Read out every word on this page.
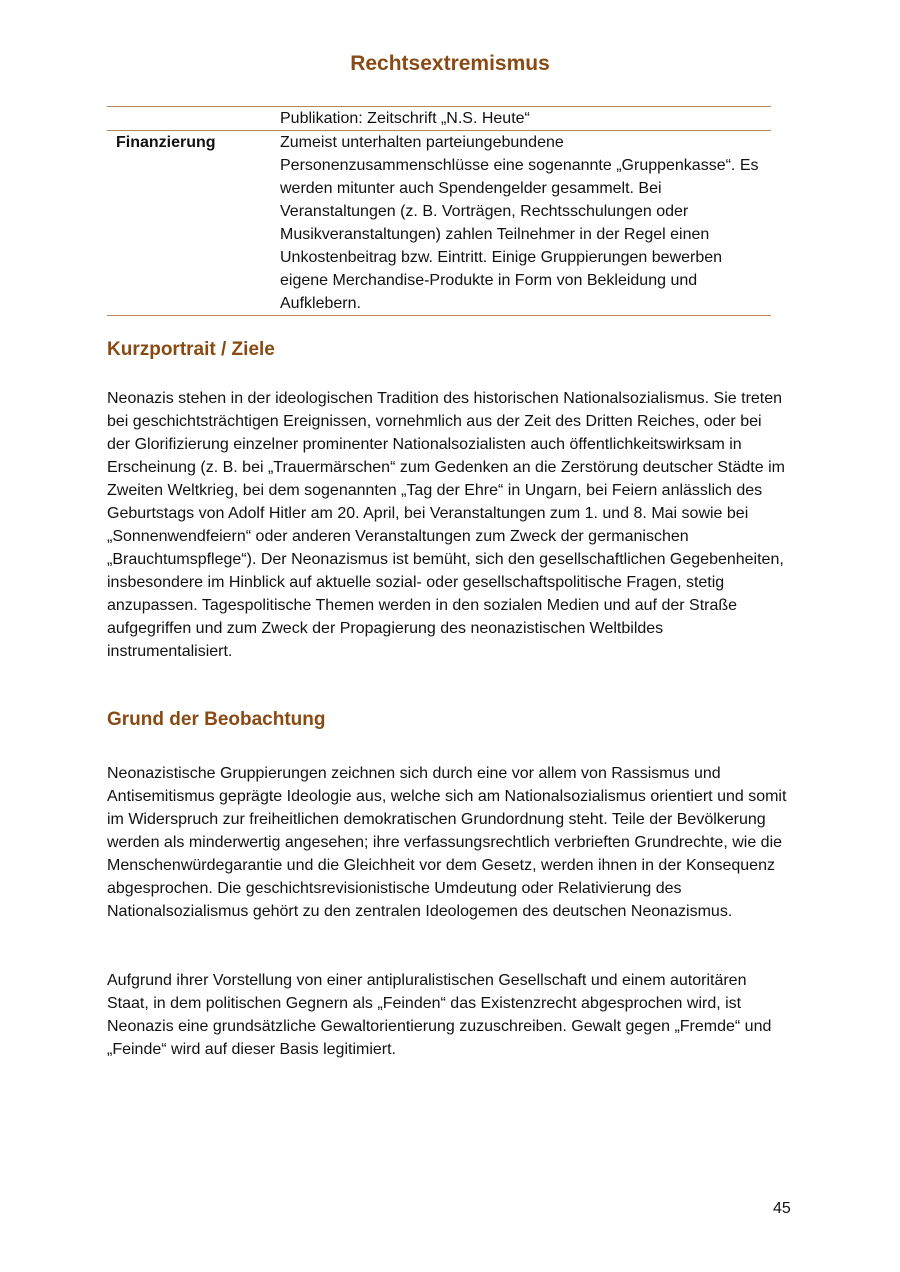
Rechtsextremismus
	Publikation: Zeitschrift „N.S. Heute“
Finanzierung	Zumeist unterhalten parteiungebundene Personenzusammenschlüsse eine sogenannte „Gruppenkasse“. Es werden mitunter auch Spendengelder gesammelt. Bei Veranstaltungen (z. B. Vorträgen, Rechtsschulungen oder Musikveranstaltungen) zahlen Teilnehmer in der Regel einen Unkostenbeitrag bzw. Eintritt. Einige Gruppierungen bewerben eigene Merchandise-Produkte in Form von Bekleidung und Aufklebern.
Kurzportrait / Ziele

Neonazis stehen in der ideologischen Tradition des historischen Nationalsozialismus. Sie treten bei geschichtsträchtigen Ereignissen, vornehmlich aus der Zeit des Dritten Reiches, oder bei der Glorifizierung einzelner prominenter Nationalsozialisten auch öffentlichkeitswirksam in Erscheinung (z. B. bei „Trauermärschen“ zum Gedenken an die Zerstörung deutscher Städte im Zweiten Weltkrieg, bei dem sogenannten „Tag der Ehre“ in Ungarn, bei Feiern anlässlich des Geburtstags von Adolf Hitler am 20. April, bei Veranstaltungen zum 1. und 8. Mai sowie bei „Sonnenwendfeiern“ oder anderen Veranstaltungen zum Zweck der germanischen „Brauchtumspflege“). Der Neonazismus ist bemüht, sich den gesellschaftlichen Gegebenheiten, insbesondere im Hinblick auf aktuelle sozial- oder gesellschaftspolitische Fragen, stetig anzupassen. Tagespolitische Themen werden in den sozialen Medien und auf der Straße aufgegriffen und zum Zweck der Propagierung des neonazistischen Weltbildes instrumentalisiert.

Grund der Beobachtung

Neonazistische Gruppierungen zeichnen sich durch eine vor allem von Rassismus und Antisemitismus geprägte Ideologie aus, welche sich am Nationalsozialismus orientiert und somit im Widerspruch zur freiheitlichen demokratischen Grundordnung steht. Teile der Bevölkerung werden als minderwertig angesehen; ihre verfassungsrechtlich verbrieften Grundrechte, wie die Menschenwürdegarantie und die Gleichheit vor dem Gesetz, werden ihnen in der Konsequenz abgesprochen. Die geschichtsrevisionistische Umdeutung oder Relativierung des Nationalsozialismus gehört zu den zentralen Ideologemen des deutschen Neonazismus.

Aufgrund ihrer Vorstellung von einer antipluralistischen Gesellschaft und einem autoritären Staat, in dem politischen Gegnern als „Feinden“ das Existenzrecht abgesprochen wird, ist Neonazis eine grundsätzliche Gewaltorientierung zuzuschreiben. Gewalt gegen „Fremde“ und „Feinde“ wird auf dieser Basis legitimiert.

45
